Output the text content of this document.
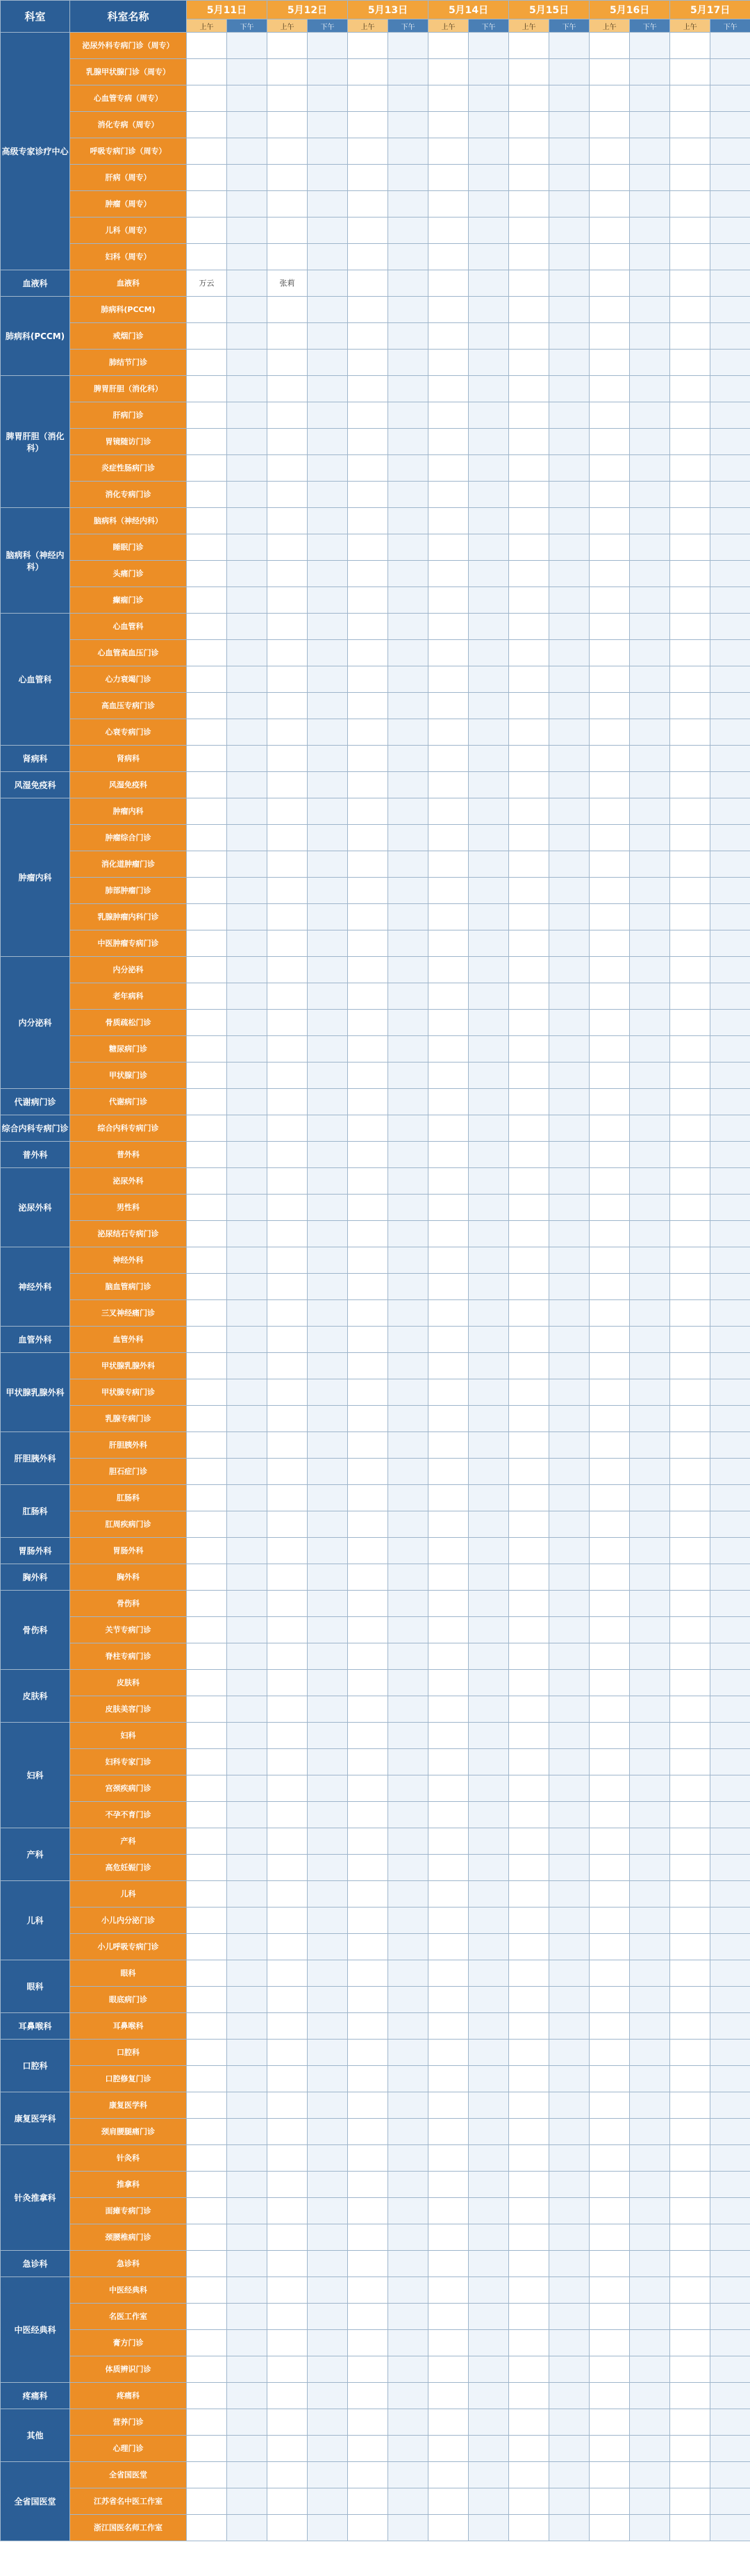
科室	科室名称	5月11日		5月12日		5月13日		5月14日		5月15日		5月16日		5月17日	
		上午	下午	上午	下午	上午	下午	上午	下午	上午	下午	上午	下午	上午	下午
高级专家诊疗中心	泌尿外科专病门诊（周专）														
	乳腺甲状腺门诊（周专）														
	心血管专病（周专）														
	消化专病（周专）														
	呼吸专病门诊（周专）														
	肝病（周专）														
	肿瘤（周专）														
	儿科（周专）														
	妇科（周专）														
血液科	血液科	万云		张莉											
肺病科(PCCM)	肺病科(PCCM)														
	戒烟门诊														
	肺结节门诊														
脾胃肝胆（消化科）	脾胃肝胆（消化科）														
	肝病门诊														
	胃镜随访门诊														
	炎症性肠病门诊														
	消化专病门诊														
脑病科（神经内科）	脑病科（神经内科）														
	睡眠门诊														
	头痛门诊														
	癫痫门诊														
心血管科	心血管科														
	心血管高血压门诊														
	心力衰竭门诊														
	高血压专病门诊														
	心衰专病门诊														
肾病科	肾病科														
风湿免疫科	风湿免疫科														
肿瘤内科	肿瘤内科														
	肿瘤综合门诊														
	消化道肿瘤门诊														
	肺部肿瘤门诊														
	乳腺肿瘤内科门诊														
	中医肿瘤专病门诊														
内分泌科	内分泌科														
	老年病科														
	骨质疏松门诊														
	糖尿病门诊														
	甲状腺门诊														
代谢病门诊	代谢病门诊														
综合内科专病门诊	综合内科专病门诊														
普外科	普外科														
泌尿外科	泌尿外科														
	男性科														
	泌尿结石专病门诊														
神经外科	神经外科														
	脑血管病门诊														
	三叉神经痛门诊														
血管外科	血管外科														
甲状腺乳腺外科	甲状腺乳腺外科														
	甲状腺专病门诊														
	乳腺专病门诊														
肝胆胰外科	肝胆胰外科														
	胆石症门诊														
肛肠科	肛肠科														
	肛周疾病门诊														
胃肠外科	胃肠外科														
胸外科	胸外科														
骨伤科	骨伤科														
	关节专病门诊														
	脊柱专病门诊														
皮肤科	皮肤科														
	皮肤美容门诊														
妇科	妇科														
	妇科专家门诊														
	宫颈疾病门诊														
	不孕不育门诊														
产科	产科														
	高危妊娠门诊														
儿科	儿科														
	小儿内分泌门诊														
	小儿呼吸专病门诊														
眼科	眼科														
	眼底病门诊														
耳鼻喉科	耳鼻喉科														
口腔科	口腔科														
	口腔修复门诊														
康复医学科	康复医学科														
	颈肩腰腿痛门诊														
针灸推拿科	针灸科														
	推拿科														
	面瘫专病门诊														
	颈腰椎病门诊														
急诊科	急诊科														
中医经典科	中医经典科														
	名医工作室														
	膏方门诊														
	体质辨识门诊														
疼痛科	疼痛科														
其他	营养门诊														
	心理门诊														
全省国医堂	全省国医堂														
	江苏省名中医工作室														
	浙江国医名师工作室														
